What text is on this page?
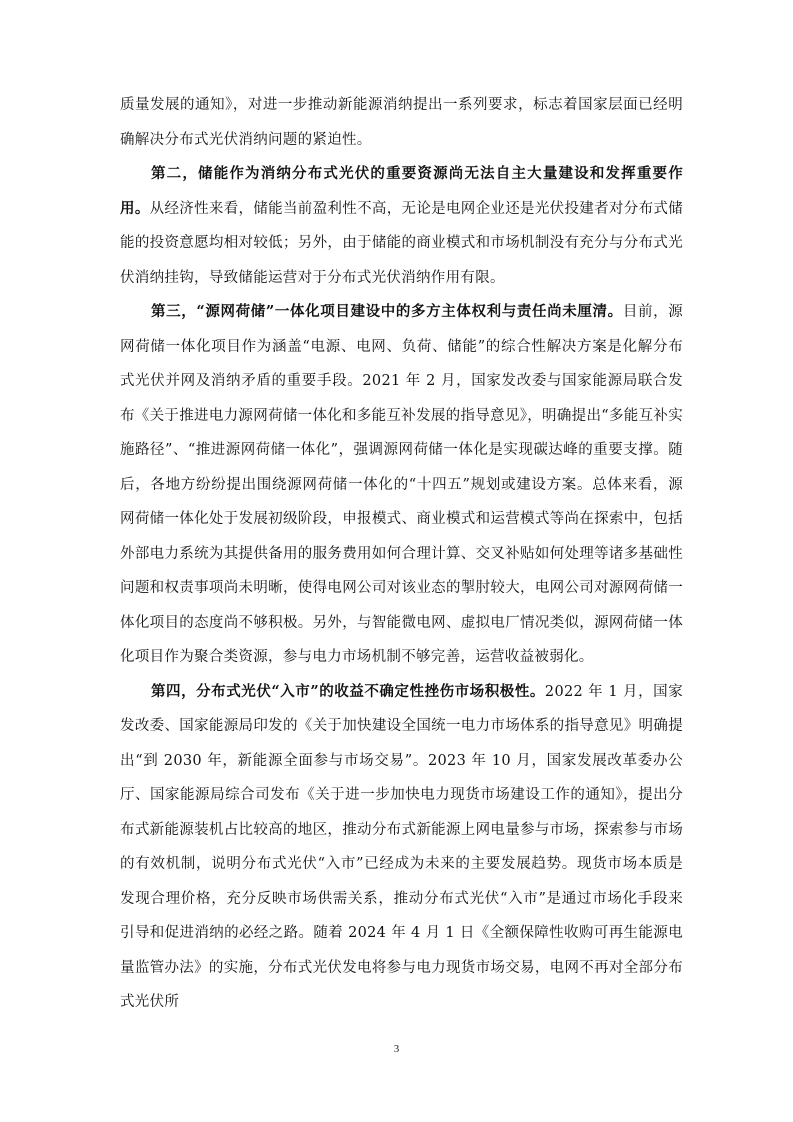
质量发展的通知》，对进一步推动新能源消纳提出一系列要求，标志着国家层面已经明确解决分布式光伏消纳问题的紧迫性。

第二，储能作为消纳分布式光伏的重要资源尚无法自主大量建设和发挥重要作用。从经济性来看，储能当前盈利性不高，无论是电网企业还是光伏投建者对分布式储能的投资意愿均相对较低；另外，由于储能的商业模式和市场机制没有充分与分布式光伏消纳挂钩，导致储能运营对于分布式光伏消纳作用有限。

第三，“源网荷储”一体化项目建设中的多方主体权利与责任尚未厘清。目前，源网荷储一体化项目作为涵盖“电源、电网、负荷、储能”的综合性解决方案是化解分布式光伏并网及消纳矛盾的重要手段。2021 年 2 月，国家发改委与国家能源局联合发布《关于推进电力源网荷储一体化和多能互补发展的指导意见》，明确提出“多能互补实施路径”、“推进源网荷储一体化”，强调源网荷储一体化是实现碳达峰的重要支撑。随后，各地方纷纷提出围绕源网荷储一体化的“十四五”规划或建设方案。总体来看，源网荷储一体化处于发展初级阶段，申报模式、商业模式和运营模式等尚在探索中，包括外部电力系统为其提供备用的服务费用如何合理计算、交叉补贴如何处理等诸多基础性问题和权责事项尚未明晰，使得电网公司对该业态的掣肘较大，电网公司对源网荷储一体化项目的态度尚不够积极。另外，与智能微电网、虚拟电厂情况类似，源网荷储一体化项目作为聚合类资源，参与电力市场机制不够完善，运营收益被弱化。

第四，分布式光伏“入市”的收益不确定性挫伤市场积极性。2022 年 1 月，国家发改委、国家能源局印发的《关于加快建设全国统一电力市场体系的指导意见》明确提出“到 2030 年，新能源全面参与市场交易”。2023 年 10 月，国家发展改革委办公厅、国家能源局综合司发布《关于进一步加快电力现货市场建设工作的通知》，提出分布式新能源装机占比较高的地区，推动分布式新能源上网电量参与市场，探索参与市场的有效机制，说明分布式光伏“入市”已经成为未来的主要发展趋势。现货市场本质是发现合理价格，充分反映市场供需关系，推动分布式光伏“入市”是通过市场化手段来引导和促进消纳的必经之路。随着 2024 年 4 月 1 日《全额保障性收购可再生能源电量监管办法》的实施，分布式光伏发电将参与电力现货市场交易，电网不再对全部分布式光伏所

3
